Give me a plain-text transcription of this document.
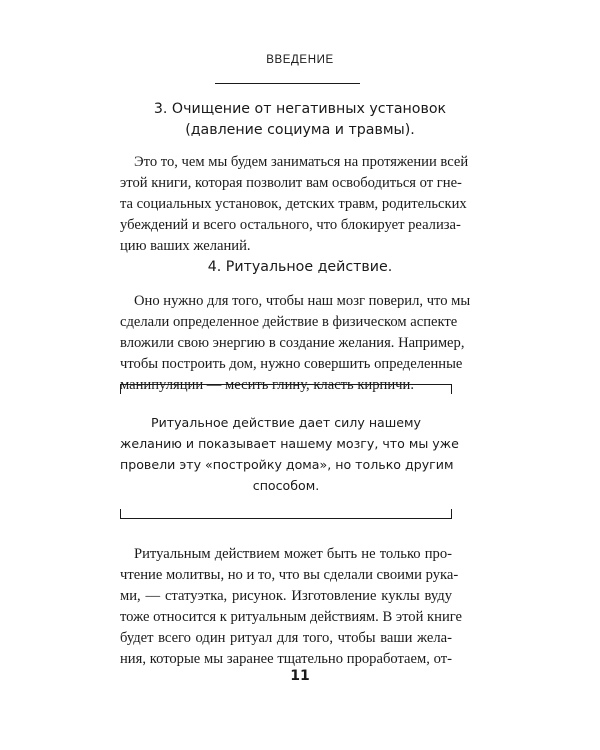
ВВЕДЕНИЕ
3. Очищение от негативных установок
(давление социума и травмы).
Это то, чем мы будем заниматься на протяжении всей
этой книги, которая позволит вам освободиться от гне-
та социальных установок, детских травм, родительских
убеждений и всего остального, что блокирует реализа-
цию ваших желаний.
4. Ритуальное действие.
Оно нужно для того, чтобы наш мозг поверил, что мы
сделали определенное действие в физическом аспекте
вложили свою энергию в создание желания. Например,
чтобы построить дом, нужно совершить определенные
манипуляции — месить глину, класть кирпичи.
Ритуальное действие дает силу нашему
желанию и показывает нашему мозгу, что мы уже
провели эту «постройку дома», но только другим
способом.
Ритуальным действием может быть не только про-
чтение молитвы, но и то, что вы сделали своими рука-
ми, — статуэтка, рисунок. Изготовление куклы вуду
тоже относится к ритуальным действиям. В этой книге
будет всего один ритуал для того, чтобы ваши жела-
ния, которые мы заранее тщательно проработаем, от-
11
